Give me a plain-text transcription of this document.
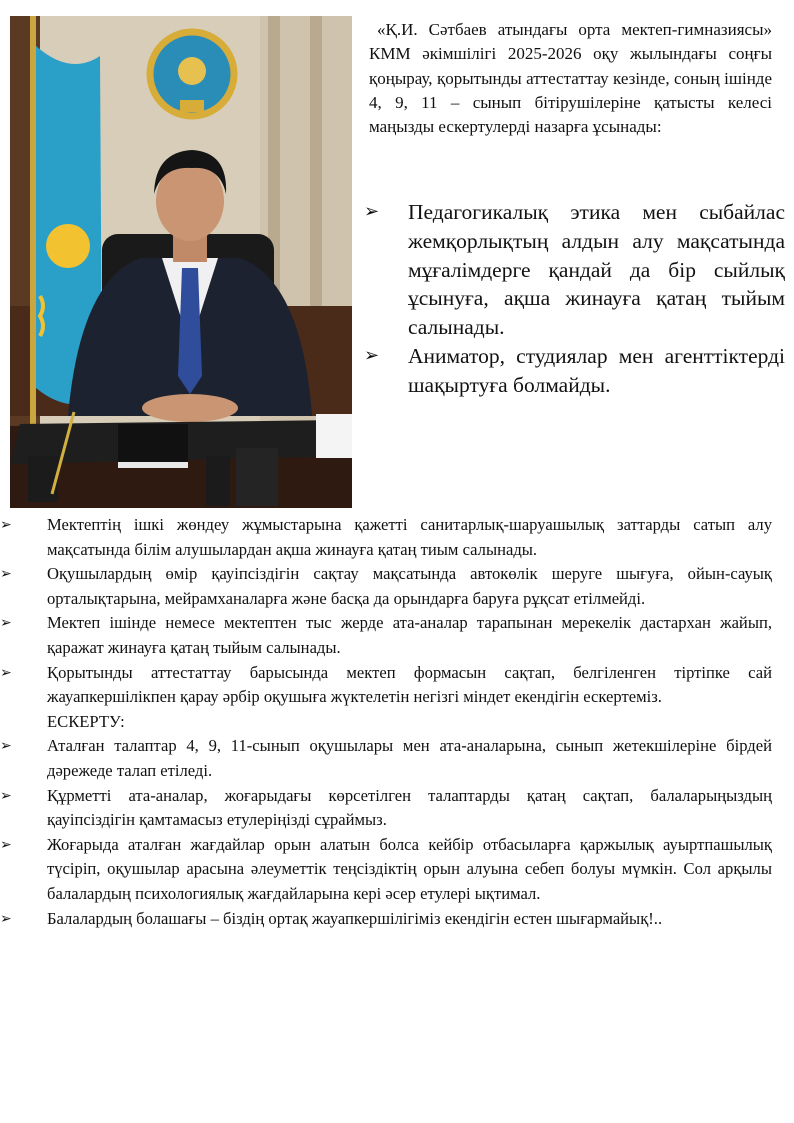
«Қ.И. Сәтбаев атындағы орта мектеп-гимназиясы» КММ әкімшілігі 2025-2026 оқу жылындағы соңғы қоңырау, қорытынды аттестаттау кезінде, соның ішінде 4, 9, 11 – сынып бітірушілеріне қатысты келесі маңызды ескертулерді назарға ұсынады:

➢ Педагогикалық этика мен сыбайлас жемқорлықтың алдын алу мақсатында мұғалімдерге қандай да бір сыйлық ұсынуға, ақша жинауға қатаң тыйым салынады.
➢ Аниматор, студиялар мен агенттіктерді шақыртуға болмайды.
➢ Мектептің ішкі жөндеу жұмыстарына қажетті санитарлық-шаруашылық заттарды сатып алу мақсатында білім алушылардан ақша жинауға қатаң тиым салынады.
➢ Оқушылардың өмір қауіпсіздігін сақтау мақсатында автокөлік шеруге шығуға, ойын-сауық орталықтарына, мейрамханаларға және басқа да орындарға баруға рұқсат етілмейді.
➢ Мектеп ішінде немесе мектептен тыс жерде ата-аналар тарапынан мерекелік дастархан жайып, қаражат жинауға қатаң тыйым салынады.
➢ Қорытынды аттестаттау барысында мектеп формасын сақтап, белгіленген тіртіпке сай жауапкершілікпен қарау әрбір оқушыға жүктелетін негізгі міндет екендігін ескертеміз.
ЕСКЕРТУ:
➢ Аталған талаптар 4, 9, 11-сынып оқушылары мен ата-аналарына, сынып жетекшілеріне бірдей дәрежеде талап етіледі.
➢ Құрметті ата-аналар, жоғарыдағы көрсетілген талаптарды қатаң сақтап, балаларыңыздың қауіпсіздігін қамтамасыз етулеріңізді сұраймыз.
➢ Жоғарыда аталған жағдайлар орын алатын болса кейбір отбасыларға қаржылық ауыртпашылық түсіріп, оқушылар арасына әлеуметтік теңсіздіктің орын алуына себеп болуы мүмкін. Сол арқылы балалардың психологиялық жағдайларына кері әсер етулері ықтимал.
➢ Балалардың болашағы – біздің ортақ жауапкершілігіміз екендігін естен шығармайық!..
